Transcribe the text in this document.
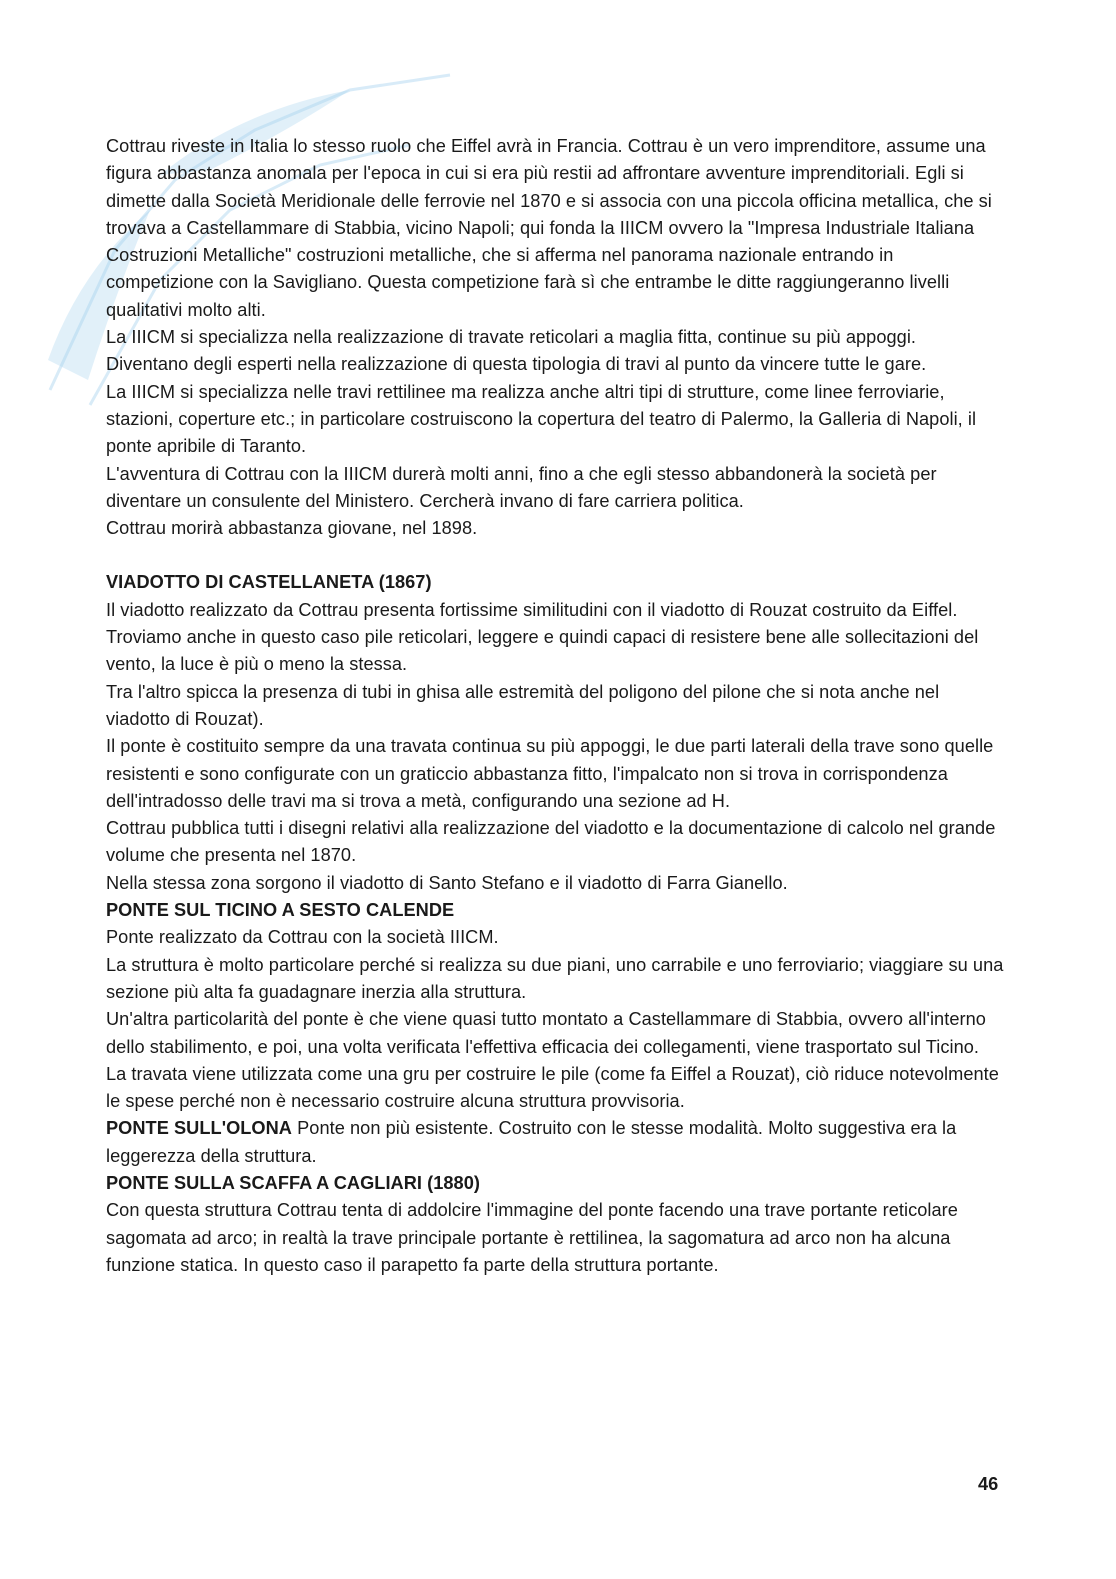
Cottrau riveste in Italia lo stesso ruolo che Eiffel avrà in Francia. Cottrau è un vero imprenditore, assume una figura abbastanza anomala per l'epoca in cui si era più restii ad affrontare avventure imprenditoriali. Egli si dimette dalla Società Meridionale delle ferrovie nel 1870 e si associa con una piccola officina metallica, che si trovava a Castellammare di Stabbia, vicino Napoli; qui fonda la IIICM ovvero la "Impresa Industriale Italiana Costruzioni Metalliche" costruzioni metalliche, che si afferma nel panorama nazionale entrando in competizione con la Savigliano. Questa competizione farà sì che entrambe le ditte raggiungeranno livelli qualitativi molto alti.

La IIICM si specializza nella realizzazione di travate reticolari a maglia fitta, continue su più appoggi.

Diventano degli esperti nella realizzazione di questa tipologia di travi al punto da vincere tutte le gare.

La IIICM si specializza nelle travi rettilinee ma realizza anche altri tipi di strutture, come linee ferroviarie, stazioni, coperture etc.; in particolare costruiscono la copertura del teatro di Palermo, la Galleria di Napoli, il ponte apribile di Taranto.

L'avventura di Cottrau con la IIICM durerà molti anni, fino a che egli stesso abbandonerà la società per diventare un consulente del Ministero. Cercherà invano di fare carriera politica.

Cottrau morirà abbastanza giovane, nel 1898.

VIADOTTO DI CASTELLANETA (1867)

Il viadotto realizzato da Cottrau presenta fortissime similitudini con il viadotto di Rouzat costruito da Eiffel.

Troviamo anche in questo caso pile reticolari, leggere e quindi capaci di resistere bene alle sollecitazioni del vento, la luce è più o meno la stessa.

Tra l'altro spicca la presenza di tubi in ghisa alle estremità del poligono del pilone che si nota anche nel viadotto di Rouzat).

Il ponte è costituito sempre da una travata continua su più appoggi, le due parti laterali della trave sono quelle resistenti e sono configurate con un graticcio abbastanza fitto, l'impalcato non si trova in corrispondenza dell'intradosso delle travi ma si trova a metà, configurando una sezione ad H.

Cottrau pubblica tutti i disegni relativi alla realizzazione del viadotto e la documentazione di calcolo nel grande volume che presenta nel 1870.

Nella stessa zona sorgono il viadotto di Santo Stefano e il viadotto di Farra Gianello.

PONTE SUL TICINO A SESTO CALENDE

Ponte realizzato da Cottrau con la società IIICM.

La struttura è molto particolare perché si realizza su due piani, uno carrabile e uno ferroviario; viaggiare su una sezione più alta fa guadagnare inerzia alla struttura.

Un'altra particolarità del ponte è che viene quasi tutto montato a Castellammare di Stabbia, ovvero all'interno dello stabilimento, e poi, una volta verificata l'effettiva efficacia dei collegamenti, viene trasportato sul Ticino.

La travata viene utilizzata come una gru per costruire le pile (come fa Eiffel a Rouzat), ciò riduce notevolmente le spese perché non è necessario costruire alcuna struttura provvisoria.

PONTE SULL'OLONA Ponte non più esistente. Costruito con le stesse modalità. Molto suggestiva era la leggerezza della struttura.

PONTE SULLA SCAFFA A CAGLIARI (1880)

Con questa struttura Cottrau tenta di addolcire l'immagine del ponte facendo una trave portante reticolare sagomata ad arco; in realtà la trave principale portante è rettilinea, la sagomatura ad arco non ha alcuna funzione statica. In questo caso il parapetto fa parte della struttura portante.

46
